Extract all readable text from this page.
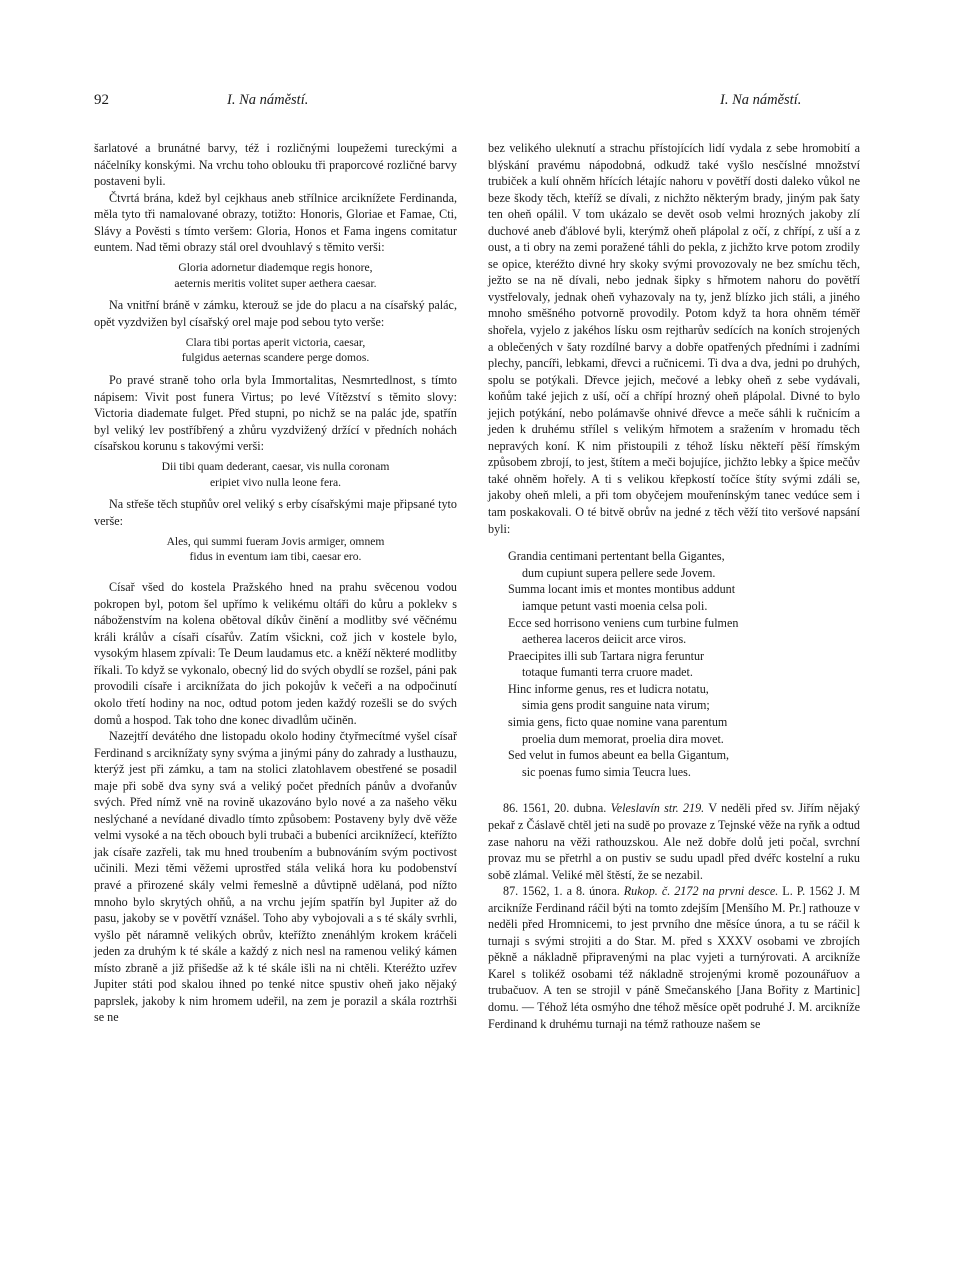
92	I. Na náměstí.	I. Na náměstí.

šarlatové a brunátné barvy, též i rozličnými loupežemi tureckými a náčelníky konskými. Na vrchu toho oblouku tři praporcové rozličné barvy postaveni byli.

Čtvrtá brána, kdež byl cejkhaus aneb střílnice arciknížete Ferdinanda, měla tyto tři namalované obrazy, totižto: Honoris, Gloriae et Famae, Cti, Slávy a Pověsti s tímto veršem: Gloria, Honos et Fama ingens comitatur euntem. Nad těmi obrazy stál orel dvouhlavý s těmito verši:

Gloria adornetur diademque regis honore,
aeternis meritis volitet super aethera caesar.

Na vnitřní bráně v zámku, kterouž se jde do placu a na císařský palác, opět vyzdvižen byl císařský orel maje pod sebou tyto verše:

Clara tibi portas aperit victoria, caesar,
fulgidus aeternas scandere perge domos.

Po pravé straně toho orla byla Immortalitas, Nesmrtedlnost, s tímto nápisem: Vivit post funera Virtus; po levé Vítězství s těmito slovy: Victoria diademate fulget. Před stupni, po nichž se na palác jde, spatřín byl veliký lev postříbřený a zhůru vyzdvižený držící v předních nohách císařskou korunu s takovými verši:

Dii tibi quam dederant, caesar, vis nulla coronam
eripiet vivo nulla leone fera.

Na střeše těch stupňův orel veliký s erby císařskými maje připsané tyto verše:

Ales, qui summi fueram Jovis armiger, omnem
fidus in eventum iam tibi, caesar ero.

Císař všed do kostela Pražského hned na prahu svěcenou vodou pokropen byl, potom šel upřímo k velikému oltáři do kůru a poklekv s náboženstvím na kolena obětoval díkův činění a modlitby své věčnému králi králův a císaři císařův. Zatím všickni, což jich v kostele bylo, vysokým hlasem zpívali: Te Deum laudamus etc. a kněží některé modlitby říkali. To když se vykonalo, obecný lid do svých obydlí se rozšel, páni pak provodili císaře i arciknížata do jich pokojův k večeři a na odpočinutí okolo třetí hodiny na noc, odtud potom jeden každý rozešli se do svých domů a hospod. Tak toho dne konec divadlům učiněn.

Nazejtří devátého dne listopadu okolo hodiny čtyřmecítmé vyšel císař Ferdinand s arciknížaty syny svýma a jinými pány do zahrady a lusthauzu, kterýž jest při zámku, a tam na stolici zlatohlavem obestřené se posadil maje při sobě dva syny svá a veliký počet předních pánův a dvořanův svých. Před nímž vně na rovině ukazováno bylo nové a za našeho věku neslýchané a nevídané divadlo tímto způsobem: Postaveny byly dvě věže velmi vysoké a na těch obouch byli trubači a bubeníci arciknížecí, kteřížto jak císaře zazřeli, tak mu hned troubením a bubnováním svým poctivost učinili. Mezi těmi věžemi uprostřed stála veliká hora ku podobenství pravé a přirozené skály velmi řemeslně a důvtipně udělaná, pod nížto mnoho bylo skrytých ohňů, a na vrchu jejím spatřín byl Jupiter až do pasu, jakoby se v povětří vznášel. Toho aby vybojovali a s té skály svrhli, vyšlo pět náramně velikých obrův, kteřížto znenáhlým krokem kráčeli jeden za druhým k té skále a každý z nich nesl na ramenou veliký kámen místo zbraně a již přišedše až k té skále išli na ni chtěli. Kteréžto uzřev Jupiter státi pod skalou ihned po tenké nitce spustiv oheň jako nějaký paprslek, jakoby k nim hromem udeřil, na zem je porazil a skála roztrhši se ne

bez velikého uleknutí a strachu přístojících lidí vydala z sebe hromobití a blýskání pravému nápodobná, odkudž také vyšlo nesčíslné množství trubiček a kulí ohněm hřících létajíc nahoru v povětří dosti daleko vůkol ne beze škody těch, kteříž se dívali, z nichžto některým brady, jiným pak šaty ten oheň opálil. V tom ukázalo se devět osob velmi hrozných jakoby zlí duchové aneb ďáblové byli, kterýmž oheň plápolal z očí, z chřípí, z uší a z oust, a ti obry na zemi poražené táhli do pekla, z jichžto krve potom zrodily se opice, kteréžto divné hry skoky svými provozovaly ne bez smíchu těch, ježto se na ně dívali, nebo jednak šipky s hřmotem nahoru do povětří vystřelovaly, jednak oheň vyhazovaly na ty, jenž blízko jich stáli, a jiného mnoho směšného potvorně provodily. Potom když ta hora ohněm téměř shořela, vyjelo z jakéhos lísku osm rejtharův sedících na koních strojených a oblečených v šaty rozdílné barvy a dobře opatřených předními i zadními plechy, pancíři, lebkami, dřevci a ručnicemi. Ti dva a dva, jedni po druhých, spolu se potýkali. Dřevce jejich, mečové a lebky oheň z sebe vydávali, koňům také jejich z uší, očí a chřípí hrozný oheň plápolal. Divné to bylo jejich potýkání, nebo polámavše ohnivé dřevce a meče sáhli k ručnicím a jeden k druhému střílel s velikým hřmotem a sražením v hromadu těch nepravých koní. K nim přistoupili z téhož lísku někteří pěší římským způsobem zbrojí, to jest, štítem a meči bojujíce, jichžto lebky a špice mečův také ohněm hořely. A ti s velikou křepkostí točíce štíty svými zdáli se, jakoby oheň mleli, a při tom obyčejem mouřenínským tanec vedúce sem i tam poskakovali. O té bitvě obrův na jedné z těch věží tito veršové napsání byli:

Grandia centimani pertentant bella Gigantes,
dum cupiunt supera pellere sede Jovem.
Summa locant imis et montes montibus addunt
iamque petunt vasti moenia celsa poli.
Ecce sed horrisono veniens cum turbine fulmen
aetherea laceros deiicit arce viros.
Praecipites illi sub Tartara nigra feruntur
totaque fumanti terra cruore madet.
Hinc informe genus, res et ludicra notatu,
simia gens prodit sanguine nata virum;
simia gens, ficto quae nomine vana parentum
proelia dum memorat, proelia dira movet.
Sed velut in fumos abeunt ea bella Gigantum,
sic poenas fumo simia Teucra lues.

86. 1561, 20. dubna. Veleslavín str. 219. V neděli před sv. Jiřím nějaký pekař z Čáslavě chtěl jeti na sudě po provaze z Tejnské věže na ryňk a odtud zase nahoru na věži rathouzskou. Ale než dobře dolů jeti počal, svrchní provaz mu se přetrhl a on pustiv se sudu upadl před dvéřc kostelní a ruku sobě zlámal. Veliké měl štěstí, že se nezabil.

87. 1562, 1. a 8. února. Rukop. č. 2172 na prvni desce. L. P. 1562 J. M arcikníže Ferdinand ráčil býti na tomto zdejším [Menšího M. Pr.] rathouze v neděli před Hromnicemi, to jest prvního dne měsíce února, a tu se ráčil k turnaji s svými strojiti a do Star. M. před s XXXV osobami ve zbrojích pěkně a nákladně připravenými na plac vyjeti a turnýrovati. A arcikníže Karel s tolikéž osobami též nákladně strojenými kromě pozounářuov a trubačuov. A ten se strojil v páně Smečanského [Jana Bořity z Martinic] domu. — Téhož léta osmýho dne téhož měsíce opět podruhé J. M. arcikníže Ferdinand k druhému turnaji na témž rathouze našem se
